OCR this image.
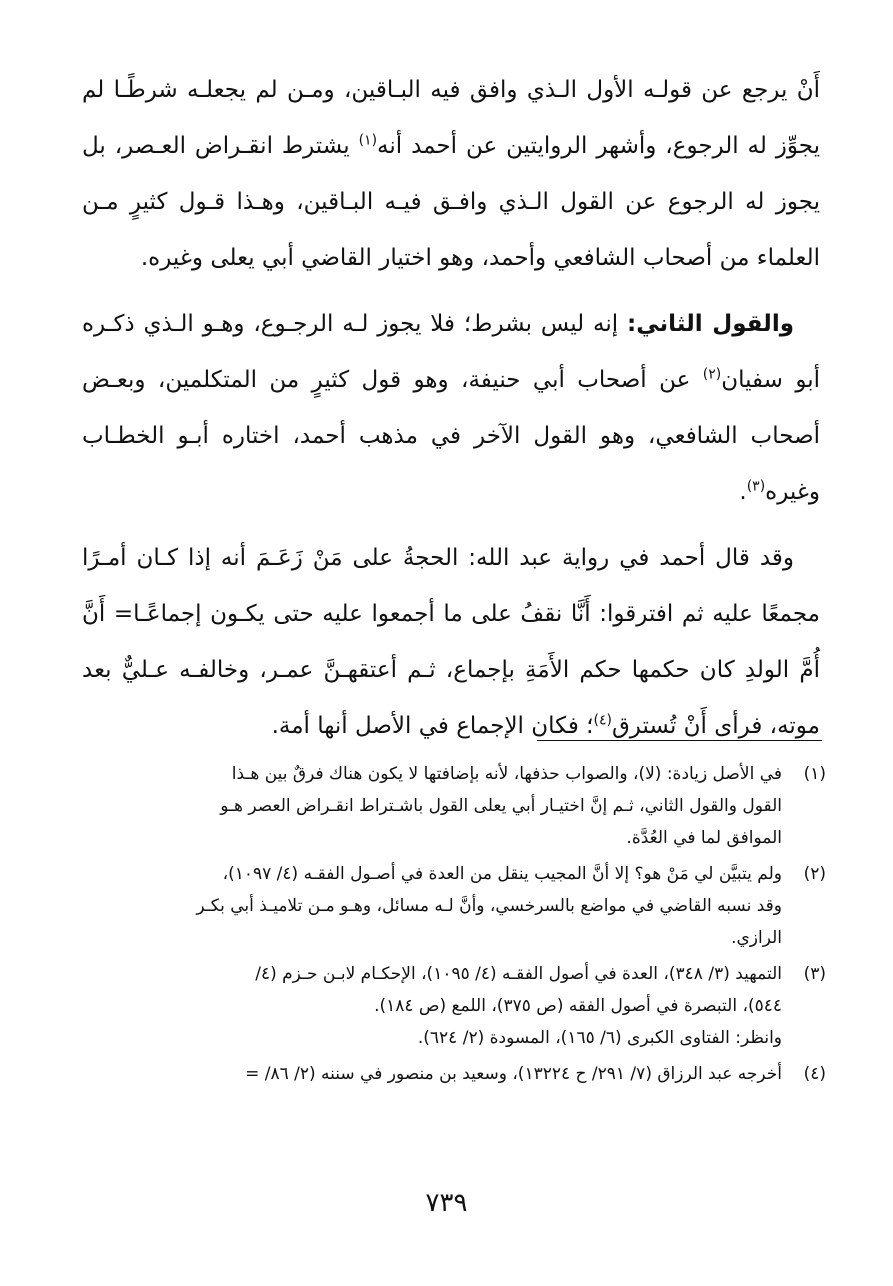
أَنْ يرجع عن قولـه الأول الـذي وافق فيه البـاقين، ومـن لم يجعلـه شرطًـا لم يجوِّز له الرجوع، وأشهر الروايتين عن أحمد أنه$^{(١)}$ يشترط انقـراض العـصر، بل يجوز له الرجوع عن القول الـذي وافـق فيـه البـاقين، وهـذا قـول كثيرٍ مـن العلماء من أصحاب الشافعي وأحمد، وهو اختيار القاضي أبي يعلى وغيره.

والقول الثاني: إنه ليس بشرط؛ فلا يجوز لـه الرجـوع، وهـو الـذي ذكـره أبو سفيان$^{(٢)}$ عن أصحاب أبي حنيفة، وهو قول كثيرٍ من المتكلمين، وبعـض أصحاب الشافعي، وهو القول الآخر في مذهب أحمد، اختاره أبـو الخطـاب وغيره$^{(٣)}$.

وقد قال أحمد في رواية عبد الله: الحجةُ على مَنْ زَعَـمَ أنه إذا كـان أمـرًا مجمعًا عليه ثم افترقوا: أَنَّا نقفُ على ما أجمعوا عليه حتى يكـون إجماعًـا= أَنَّ أُمَّ الولدِ كان حكمها حكم الأَمَةِ بإجماع، ثـم أعتقهـنَّ عمـر، وخالفـه عـليٌّ بعد موته، فرأى أَنْ تُسترق$^{(٤)}$؛ فكان الإجماع في الأصل أنها أمة.

(١)
في الأصل زيادة: (لا)، والصواب حذفها، لأنه بإضافتها لا يكون هناك فرقٌ بين هـذا
القول والقول الثاني، ثـم إنَّ اختيـار أبي يعلى القول باشـتراط انقـراض العصر هـو
الموافق لما في العُدَّة.
(٢)
ولم يتبيَّن لي مَنْ هو؟ إلا أنَّ المجيب ينقل من العدة في أصـول الفقـه (٤/ ١٠٩٧)،
وقد نسبه القاضي في مواضع بالسرخسي، وأنَّ لـه مسائل، وهـو مـن تلاميـذ أبي بكـر
الرازي.
(٣)
التمهيد (٣/ ٣٤٨)، العدة في أصول الفقـه (٤/ ١٠٩٥)، الإحكـام لابـن حـزم (٤/
٥٤٤)، التبصرة في أصول الفقه (ص ٣٧٥)، اللمع (ص ١٨٤).
وانظر: الفتاوى الكبرى (٦/ ١٦٥)، المسودة (٢/ ٦٢٤).
(٤)
أخرجه عبد الرزاق (٧/ ٢٩١/ ح ١٣٢٢٤)، وسعيد بن منصور في سننه (٢/ ٨٦/ =
٧٣٩
